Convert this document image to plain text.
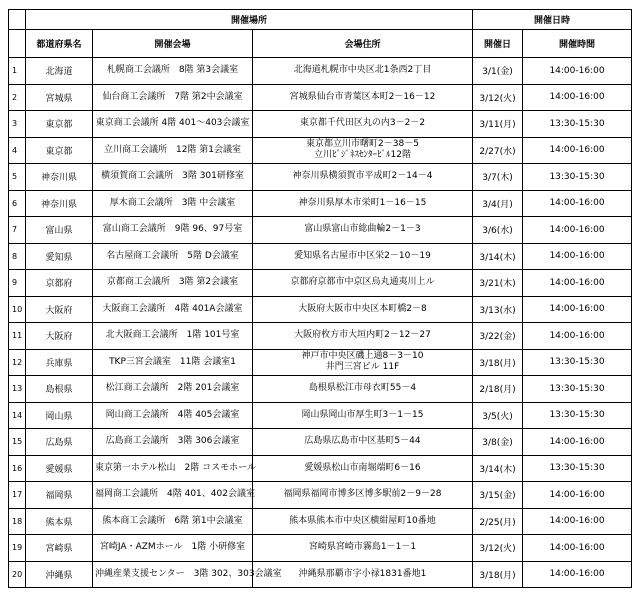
	開催場所			開催日時	
	都道府県名	開催会場	会場住所	開催日	開催時間
1	北海道	札幌商工会議所　8階 第3会議室	北海道札幌市中央区北1条西2丁目	3/1(金)	14:00-16:00
2	宮城県	仙台商工会議所　7階 第2中会議室	宮城県仙台市青葉区本町2－16－12	3/12(火)	14:00-16:00
3	東京都	東京商工会議所 4階 401～403会議室	東京都千代田区丸の内3－2－2	3/11(月)	13:30-15:30
4	東京都	立川商工会議所　12階 第1会議室	東京都立川市曙町2－38－5
立川ﾋﾞｼﾞﾈｽｾﾝﾀｰﾋﾞﾙ12階	2/27(水)	14:00-16:00
5	神奈川県	横須賀商工会議所　3階 301研修室	神奈川県横須賀市平成町2－14－4	3/7(木)	13:30-15:30
6	神奈川県	厚木商工会議所　3階 中会議室	神奈川県厚木市栄町1－16－15	3/4(月)	14:00-16:00
7	富山県	富山商工会議所　9階 96、97号室	富山県富山市総曲輪2－1－3	3/6(水)	14:00-16:00
8	愛知県	名古屋商工会議所　5階 D会議室	愛知県名古屋市中区栄2－10－19	3/14(木)	14:00-16:00
9	京都府	京都商工会議所　3階 第2会議室	京都府京都市中京区烏丸通夷川上ル	3/21(木)	14:00-16:00
10	大阪府	大阪商工会議所　4階 401A会議室	大阪府大阪市中央区本町橋2－8	3/13(水)	14:00-16:00
11	大阪府	北大阪商工会議所　1階 101号室	大阪府枚方市大垣内町2－12－27	3/22(金)	14:00-16:00
12	兵庫県	TKP三宮会議室　11階 会議室1	神戸市中央区磯上通8－3－10
井門三宮ビル 11F	3/18(月)	13:30-15:30
13	島根県	松江商工会議所　2階 201会議室	島根県松江市母衣町55－4	2/18(月)	13:30-15:30
14	岡山県	岡山商工会議所　4階 405会議室	岡山県岡山市厚生町3－1－15	3/5(火)	13:30-15:30
15	広島県	広島商工会議所　3階 306会議室	広島県広島市中区基町5－44	3/8(金)	14:00-16:00
16	愛媛県	東京第一ホテル松山　2階 コスモホール	愛媛県松山市南堀端町6－16	3/14(木)	13:30-15:30
17	福岡県	福岡商工会議所　4階 401、402会議室	福岡県福岡市博多区博多駅前2－9－28	3/15(金)	14:00-16:00
18	熊本県	熊本商工会議所　6階 第1中会議室	熊本県熊本市中央区横紺屋町10番地	2/25(月)	14:00-16:00
19	宮崎県	宮崎JA・AZMホール　1階 小研修室	宮崎県宮崎市霧島1－1－1	3/12(火)	14:00-16:00
20	沖縄県	沖縄産業支援センター　3階 302、303会議室	沖縄県那覇市字小禄1831番地1	3/18(月)	14:00-16:00
